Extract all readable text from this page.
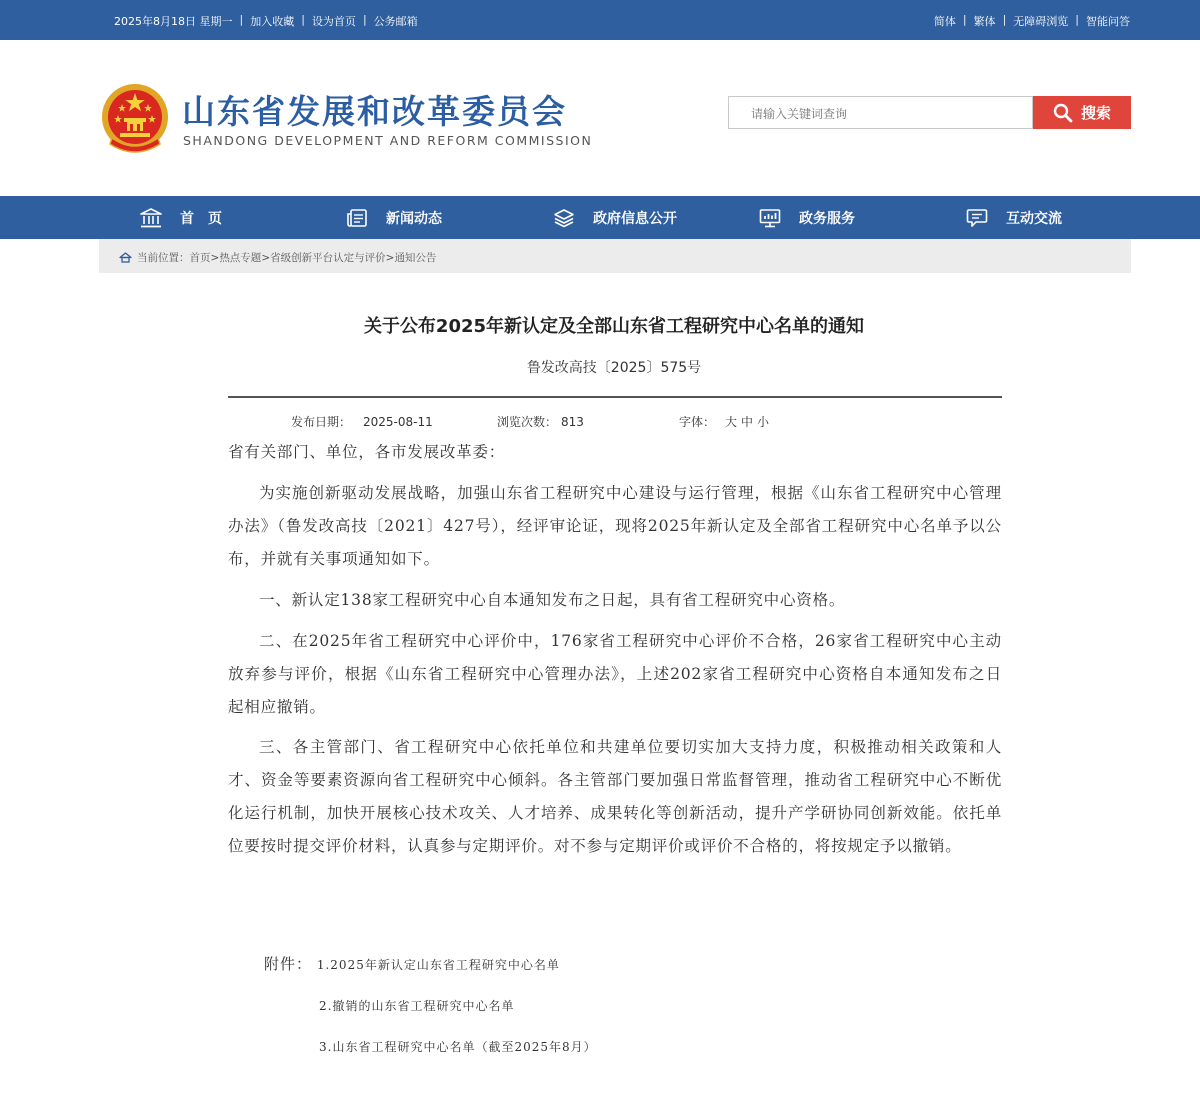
2025年8月18日 星期一 | 加入收藏 | 设为首页 | 公务邮箱	简体 | 繁体 | 无障碍浏览 | 智能问答
山东省发展和改革委员会
SHANDONG DEVELOPMENT AND REFORM COMMISSION
请输入关键词查询
搜索
首　页	新闻动态	政府信息公开	政务服务	互动交流
当前位置： 首页 > 热点专题 > 省级创新平台认定与评价 > 通知公告
关于公布2025年新认定及全部山东省工程研究中心名单的通知
鲁发改高技〔2025〕575号
发布日期： 2025-08-11	浏览次数： 813	字体： 大 中 小

省有关部门、单位，各市发展改革委：

为实施创新驱动发展战略，加强山东省工程研究中心建设与运行管理，根据《山东省工程研究中心管理办法》（鲁发改高技〔2021〕427号），经评审论证，现将2025年新认定及全部省工程研究中心名单予以公布，并就有关事项通知如下。

一、新认定138家工程研究中心自本通知发布之日起，具有省工程研究中心资格。

二、在2025年省工程研究中心评价中，176家省工程研究中心评价不合格，26家省工程研究中心主动放弃参与评价，根据《山东省工程研究中心管理办法》，上述202家省工程研究中心资格自本通知发布之日起相应撤销。

三、各主管部门、省工程研究中心依托单位和共建单位要切实加大支持力度，积极推动相关政策和人才、资金等要素资源向省工程研究中心倾斜。各主管部门要加强日常监督管理，推动省工程研究中心不断优化运行机制，加快开展核心技术攻关、人才培养、成果转化等创新活动，提升产学研协同创新效能。依托单位要按时提交评价材料，认真参与定期评价。对不参与定期评价或评价不合格的，将按规定予以撤销。

附件： 1.2025年新认定山东省工程研究中心名单
2.撤销的山东省工程研究中心名单
3.山东省工程研究中心名单（截至2025年8月）
